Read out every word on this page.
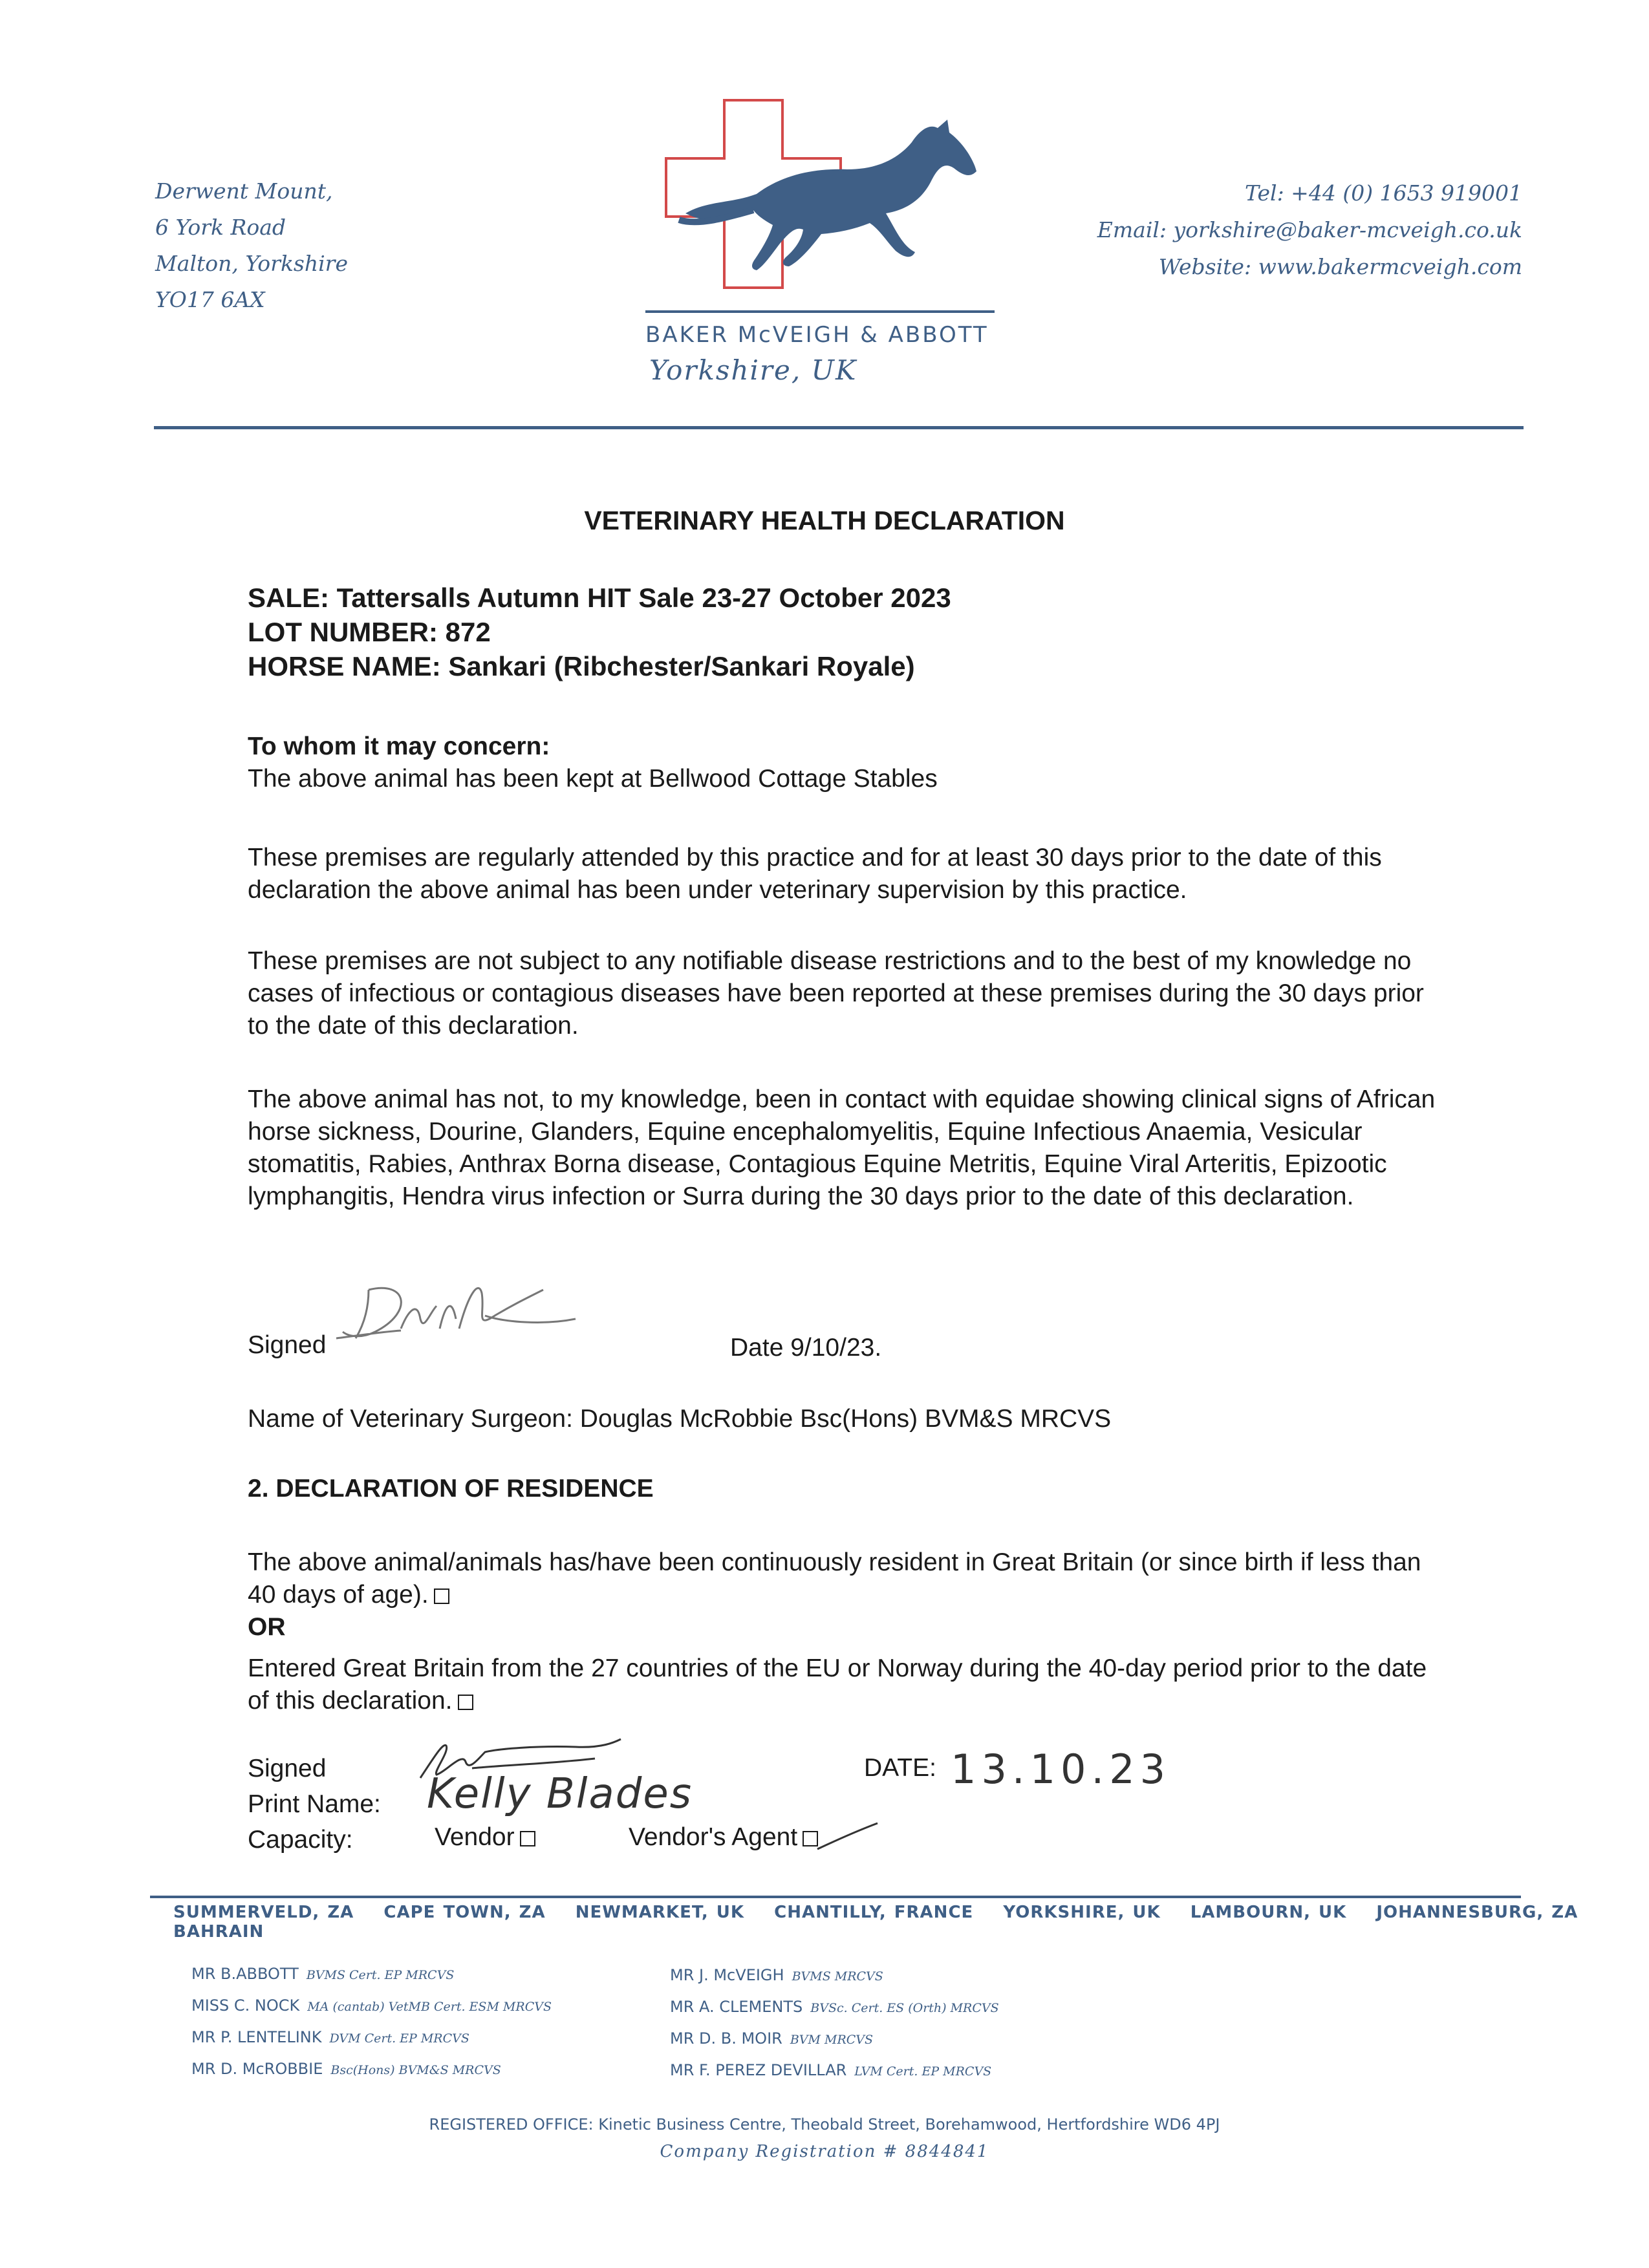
Derwent Mount,
6 York Road
Malton, Yorkshire
YO17 6AX
BAKER McVEIGH & ABBOTT
Yorkshire, UK
Tel: +44 (0) 1653 919001
Email: yorkshire@baker-mcveigh.co.uk
Website: www.bakermcveigh.com
VETERINARY HEALTH DECLARATION
SALE: Tattersalls Autumn HIT Sale 23-27 October 2023
LOT NUMBER: 872
HORSE NAME: Sankari (Ribchester/Sankari Royale)
To whom it may concern:
The above animal has been kept at Bellwood Cottage Stables
These premises are regularly attended by this practice and for at least 30 days prior to the date of this declaration the above animal has been under veterinary supervision by this practice.
These premises are not subject to any notifiable disease restrictions and to the best of my knowledge no cases of infectious or contagious diseases have been reported at these premises during the 30 days prior to the date of this declaration.
The above animal has not, to my knowledge, been in contact with equidae showing clinical signs of African horse sickness, Dourine, Glanders, Equine encephalomyelitis, Equine Infectious Anaemia, Vesicular stomatitis, Rabies, Anthrax Borna disease, Contagious Equine Metritis, Equine Viral Arteritis, Epizootic lymphangitis, Hendra virus infection or Surra during the 30 days prior to the date of this declaration.
Signed	Date 9/10/23.
Name of Veterinary Surgeon: Douglas McRobbie Bsc(Hons) BVM&S MRCVS
2. DECLARATION OF RESIDENCE
The above animal/animals has/have been continuously resident in Great Britain (or since birth if less than 40 days of age).
OR
Entered Great Britain from the 27 countries of the EU or Norway during the 40-day period prior to the date of this declaration.
Signed
Print Name:
Capacity:
Kelly Blades
DATE: 13.10.23
Vendor	Vendor's Agent
SUMMERVELD, ZA CAPE TOWN, ZA NEWMARKET, UK CHANTILLY, FRANCE YORKSHIRE, UK LAMBOURN, UK JOHANNESBURG, ZA BAHRAIN
MR B.ABBOTT BVMS Cert. EP MRCVS
MISS C. NOCK MA (cantab) VetMB Cert. ESM MRCVS
MR P. LENTELINK DVM Cert. EP MRCVS
MR D. McROBBIE Bsc(Hons) BVM&S MRCVS
MR J. McVEIGH BVMS MRCVS
MR A. CLEMENTS BVSc. Cert. ES (Orth) MRCVS
MR D. B. MOIR BVM MRCVS
MR F. PEREZ DEVILLAR LVM Cert. EP MRCVS
REGISTERED OFFICE: Kinetic Business Centre, Theobald Street, Borehamwood, Hertfordshire WD6 4PJ
Company Registration # 8844841
